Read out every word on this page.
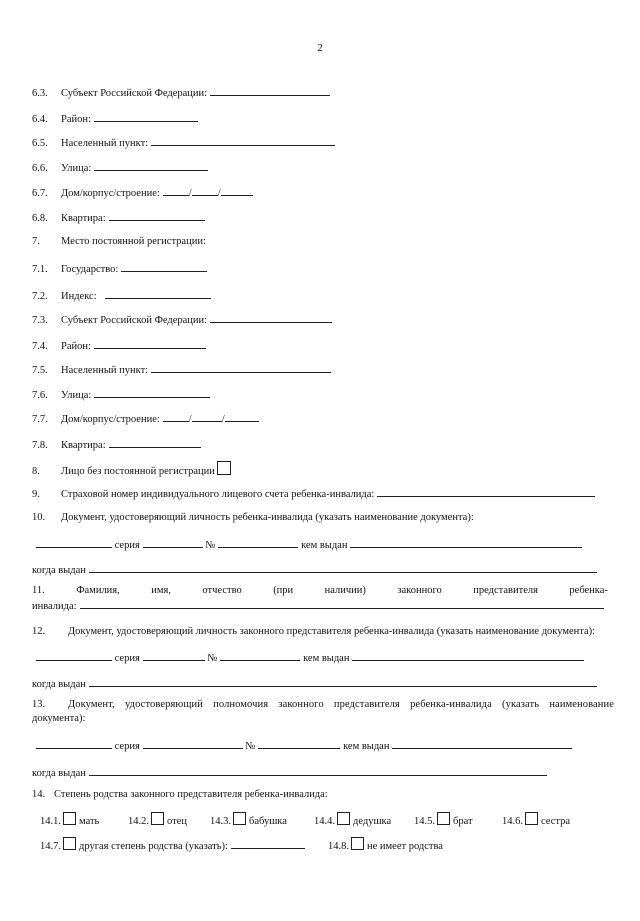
2
6.3. Субъект Российской Федерации:
6.4. Район:
6.5. Населенный пункт:
6.6. Улица:
6.7. Дом/корпус/строение:	/ /
6.8. Квартира:
7. Место постоянной регистрации:
7.1. Государство:
7.2. Индекс:
7.3. Субъект Российской Федерации:
7.4. Район:
7.5. Населенный пункт:
7.6. Улица:
7.7. Дом/корпус/строение:	/	/
7.8. Квартира:
8. Лицо без постоянной регистрации
9. Страховой номер индивидуального лицевого счета ребенка-инвалида:
10. Документ, удостоверяющий личность ребенка-инвалида (указать наименование документа):
серия	№	кем выдан
когда выдан
11.	Фамилия,	имя,	отчество	(при	наличии)	законного	представителя	ребенка-
инвалида:
12. Документ, удостоверяющий личность законного представителя ребенка-инвалида (указать наименование документа):
серия	№	кем выдан
когда выдан
13.	Документ, удостоверяющий полномочия законного представителя ребенка-инвалида (указать наименование
документа):
серия	№	кем выдан
когда выдан
14. Степень родства законного представителя ребенка-инвалида:
14.1. мать	14.2. отец 14.3. бабушка	14.4. дедушка 14.5. брат	14.6. сестра
14.7. другая степень родства (указать):	14.8. не имеет родства
